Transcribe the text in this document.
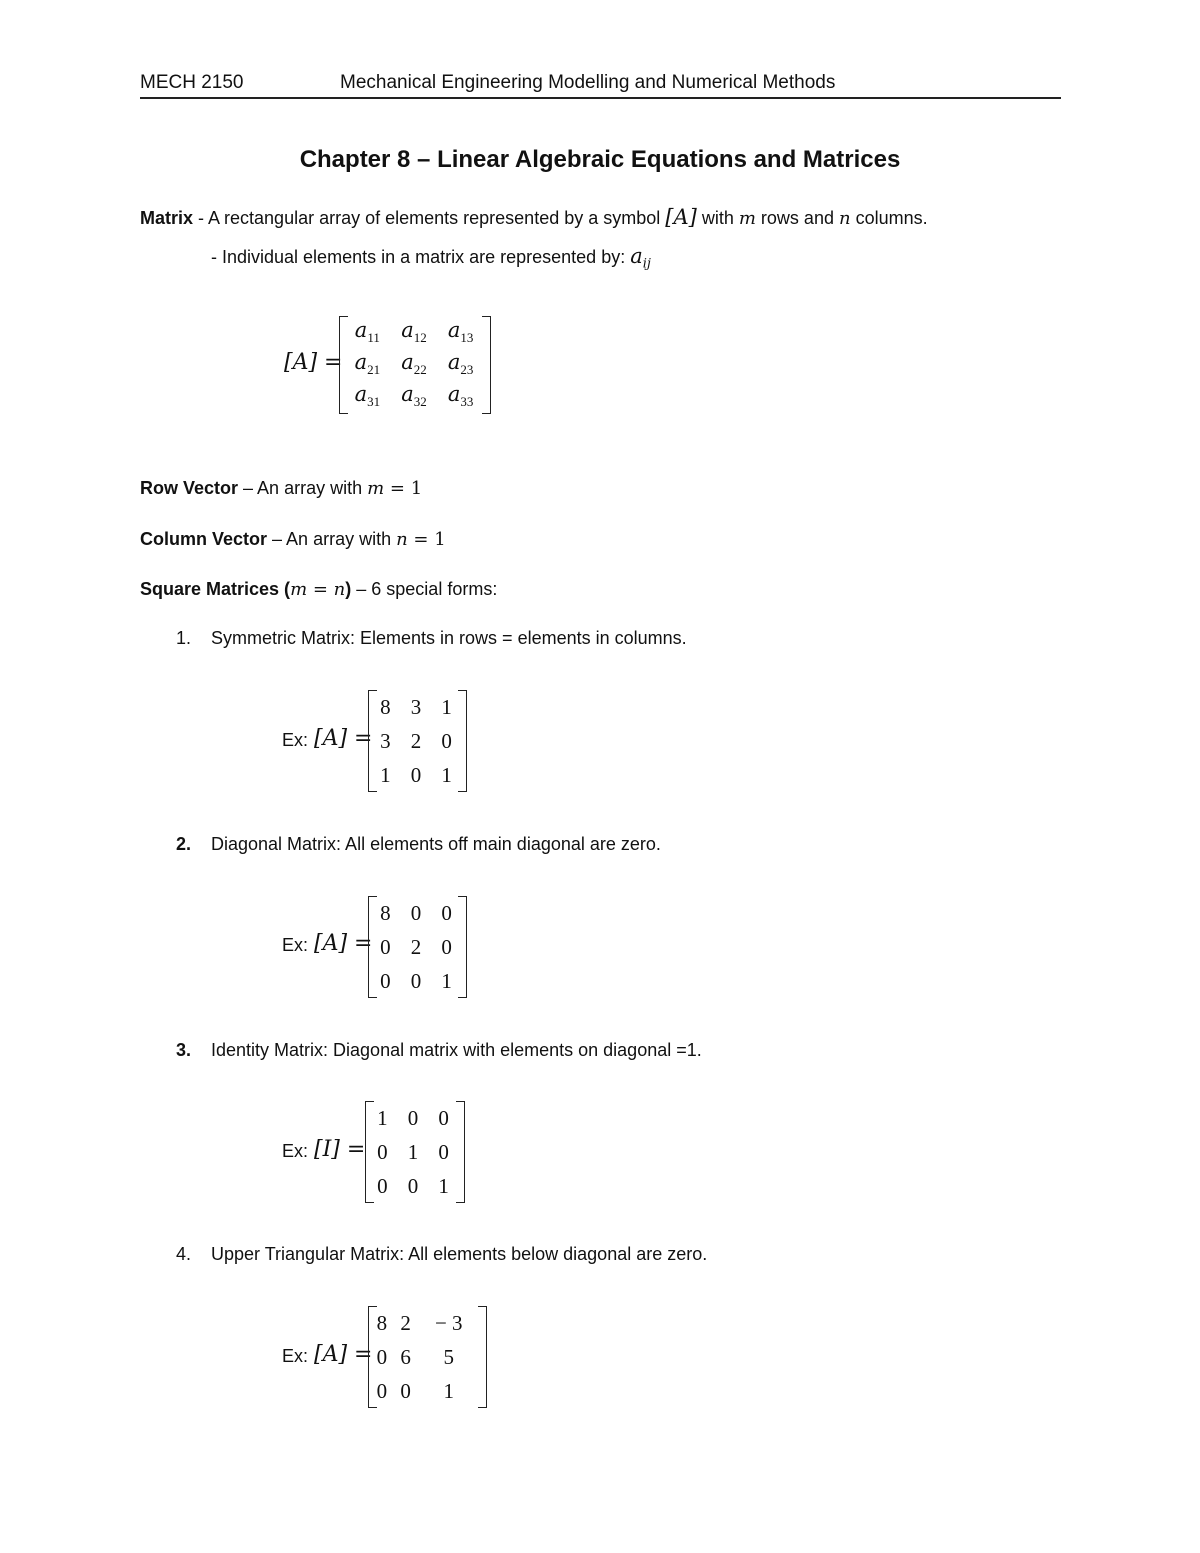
MECH 2150	Mechanical Engineering Modelling and Numerical Methods
Chapter 8 – Linear Algebraic Equations and Matrices
Matrix - A rectangular array of elements represented by a symbol [A] with m rows and n columns.
- Individual elements in a matrix are represented by: $a_{ij}$
[A] =
$a_{11}$	$a_{12}$	$a_{13}$
$a_{21}$	$a_{22}$	$a_{23}$
$a_{31}$	$a_{32}$	$a_{33}$
Row Vector – An array with m = 1
Column Vector – An array with n = 1
Square Matrices (m = n) – 6 special forms:
1. Symmetric Matrix: Elements in rows = elements in columns.
Ex: [A] =
8	3	1
3	2	0
1	0	1
2. Diagonal Matrix: All elements off main diagonal are zero.
Ex: [A] =
8	0	0
0	2	0
0	0	1
3. Identity Matrix: Diagonal matrix with elements on diagonal =1.
Ex: [I] =
1	0	0
0	1	0
0	0	1
4. Upper Triangular Matrix: All elements below diagonal are zero.
Ex: [A] =
8	2	− 3
0	6	5
0	0	1
